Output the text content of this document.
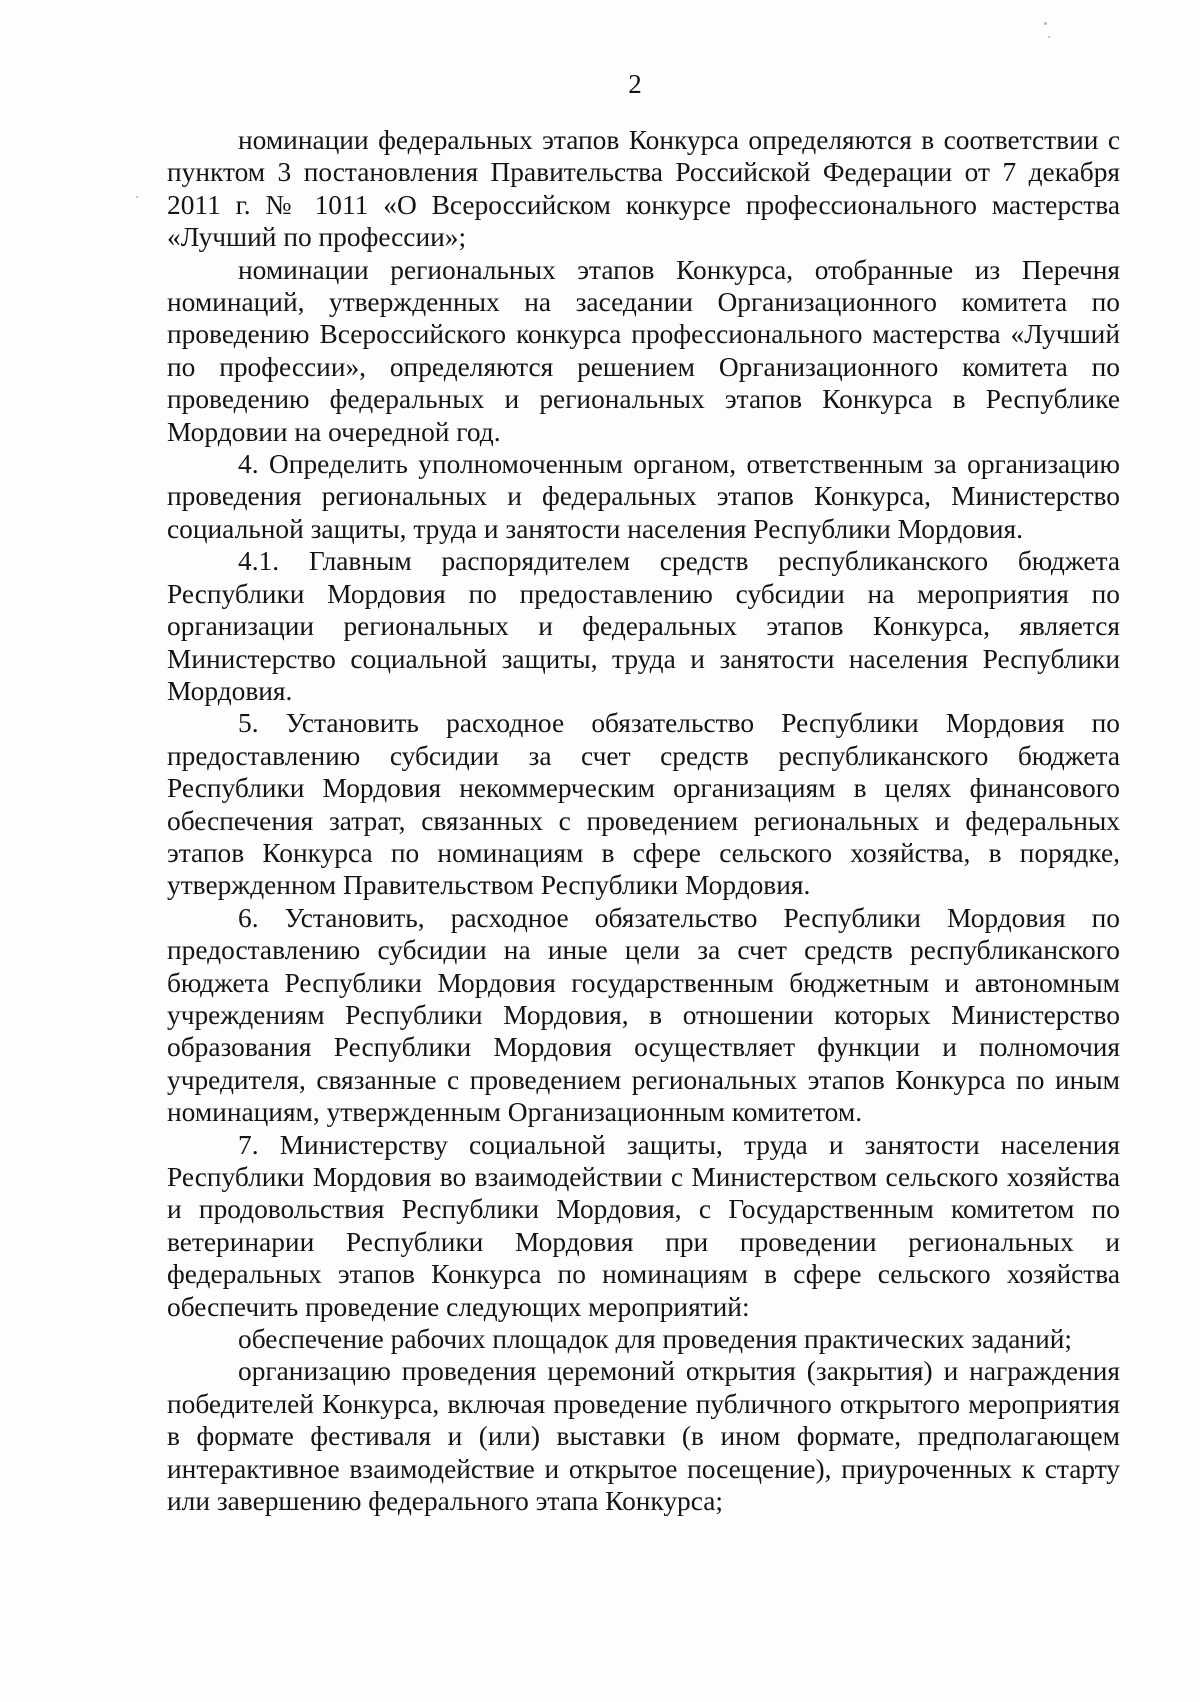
2

номинации федеральных этапов Конкурса определяются в соответствии с пунктом 3 постановления Правительства Российской Федерации от 7 декабря 2011 г. № 1011 «О Всероссийском конкурсе профессионального мастерства «Лучший по профессии»;

номинации региональных этапов Конкурса, отобранные из Перечня номинаций, утвержденных на заседании Организационного комитета по проведению Всероссийского конкурса профессионального мастерства «Лучший по профессии», определяются решением Организационного комитета по проведению федеральных и региональных этапов Конкурса в Республике Мордовии на очередной год.

4. Определить уполномоченным органом, ответственным за организацию проведения региональных и федеральных этапов Конкурса, Министерство социальной защиты, труда и занятости населения Республики Мордовия.

4.1. Главным распорядителем средств республиканского бюджета Республики Мордовия по предоставлению субсидии на мероприятия по организации региональных и федеральных этапов Конкурса, является Министерство социальной защиты, труда и занятости населения Республики Мордовия.

5. Установить расходное обязательство Республики Мордовия по предоставлению субсидии за счет средств республиканского бюджета Республики Мордовия некоммерческим организациям в целях финансового обеспечения затрат, связанных с проведением региональных и федеральных этапов Конкурса по номинациям в сфере сельского хозяйства, в порядке, утвержденном Правительством Республики Мордовия.

6. Установить, расходное обязательство Республики Мордовия по предоставлению субсидии на иные цели за счет средств республиканского бюджета Республики Мордовия государственным бюджетным и автономным учреждениям Республики Мордовия, в отношении которых Министерство образования Республики Мордовия осуществляет функции и полномочия учредителя, связанные с проведением региональных этапов Конкурса по иным номинациям, утвержденным Организационным комитетом.

7. Министерству социальной защиты, труда и занятости населения Республики Мордовия во взаимодействии с Министерством сельского хозяйства и продовольствия Республики Мордовия, с Государственным комитетом по ветеринарии Республики Мордовия при проведении региональных и федеральных этапов Конкурса по номинациям в сфере сельского хозяйства обеспечить проведение следующих мероприятий:

обеспечение рабочих площадок для проведения практических заданий;

организацию проведения церемоний открытия (закрытия) и награждения победителей Конкурса, включая проведение публичного открытого мероприятия в формате фестиваля и (или) выставки (в ином формате, предполагающем интерактивное взаимодействие и открытое посещение), приуроченных к старту или завершению федерального этапа Конкурса;
